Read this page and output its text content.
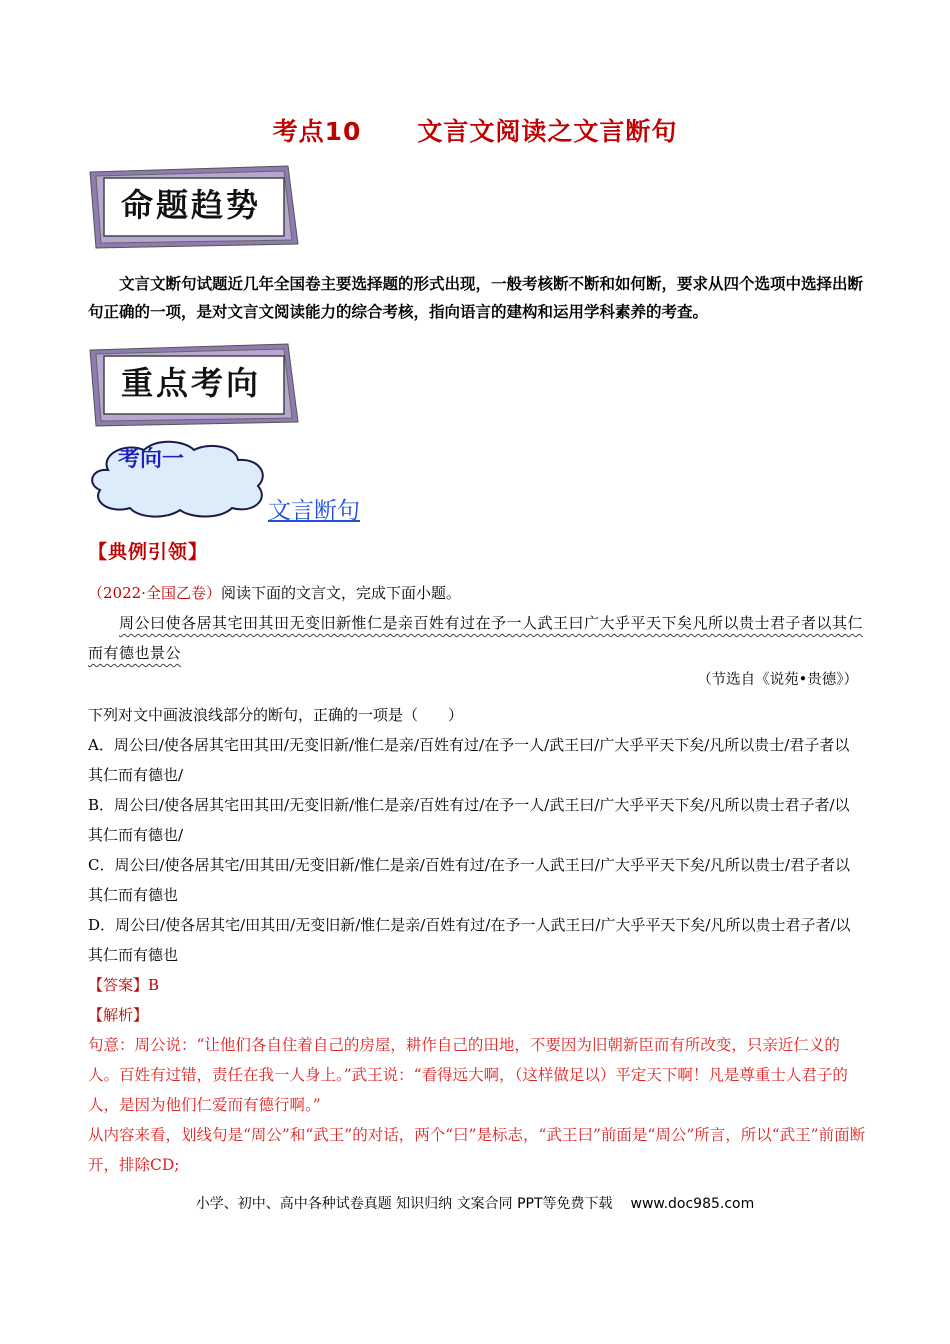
考点10 文言文阅读之文言断句
命题趋势
文言文断句试题近几年全国卷主要选择题的形式出现，一般考核断不断和如何断，要求从四个选项中选择出断句正确的一项，是对文言文阅读能力的综合考核，指向语言的建构和运用学科素养的考查。
重点考向
考向一
文言断句
【典例引领】
（2022·全国乙卷）阅读下面的文言文，完成下面小题。
周公曰使各居其宅田其田无变旧新惟仁是亲百姓有过在予一人武王曰广大乎平天下矣凡所以贵士君子者以其仁而有德也景公
（节选自《说苑•贵德》）
下列对文中画波浪线部分的断句，正确的一项是（　　）
A．周公曰/使各居其宅田其田/无变旧新/惟仁是亲/百姓有过/在予一人/武王曰/广大乎平天下矣/凡所以贵士/君子者以其仁而有德也/
B．周公曰/使各居其宅田其田/无变旧新/惟仁是亲/百姓有过/在予一人/武王曰/广大乎平天下矣/凡所以贵士君子者/以其仁而有德也/
C．周公曰/使各居其宅/田其田/无变旧新/惟仁是亲/百姓有过/在予一人武王曰/广大乎平天下矣/凡所以贵士/君子者以其仁而有德也
D．周公曰/使各居其宅/田其田/无变旧新/惟仁是亲/百姓有过/在予一人武王曰/广大乎平天下矣/凡所以贵士君子者/以其仁而有德也
【答案】B
【解析】
句意：周公说：“让他们各自住着自己的房屋，耕作自己的田地，不要因为旧朝新臣而有所改变，只亲近仁义的人。百姓有过错，责任在我一人身上。”武王说：“看得远大啊，（这样做足以）平定天下啊！凡是尊重士人君子的人，是因为他们仁爱而有德行啊。”
从内容来看，划线句是“周公”和“武王”的对话，两个“曰”是标志，“武王曰”前面是“周公”所言，所以“武王”前面断开，排除CD;
小学、初中、高中各种试卷真题 知识归纳 文案合同 PPT等免费下载 www.doc985.com
